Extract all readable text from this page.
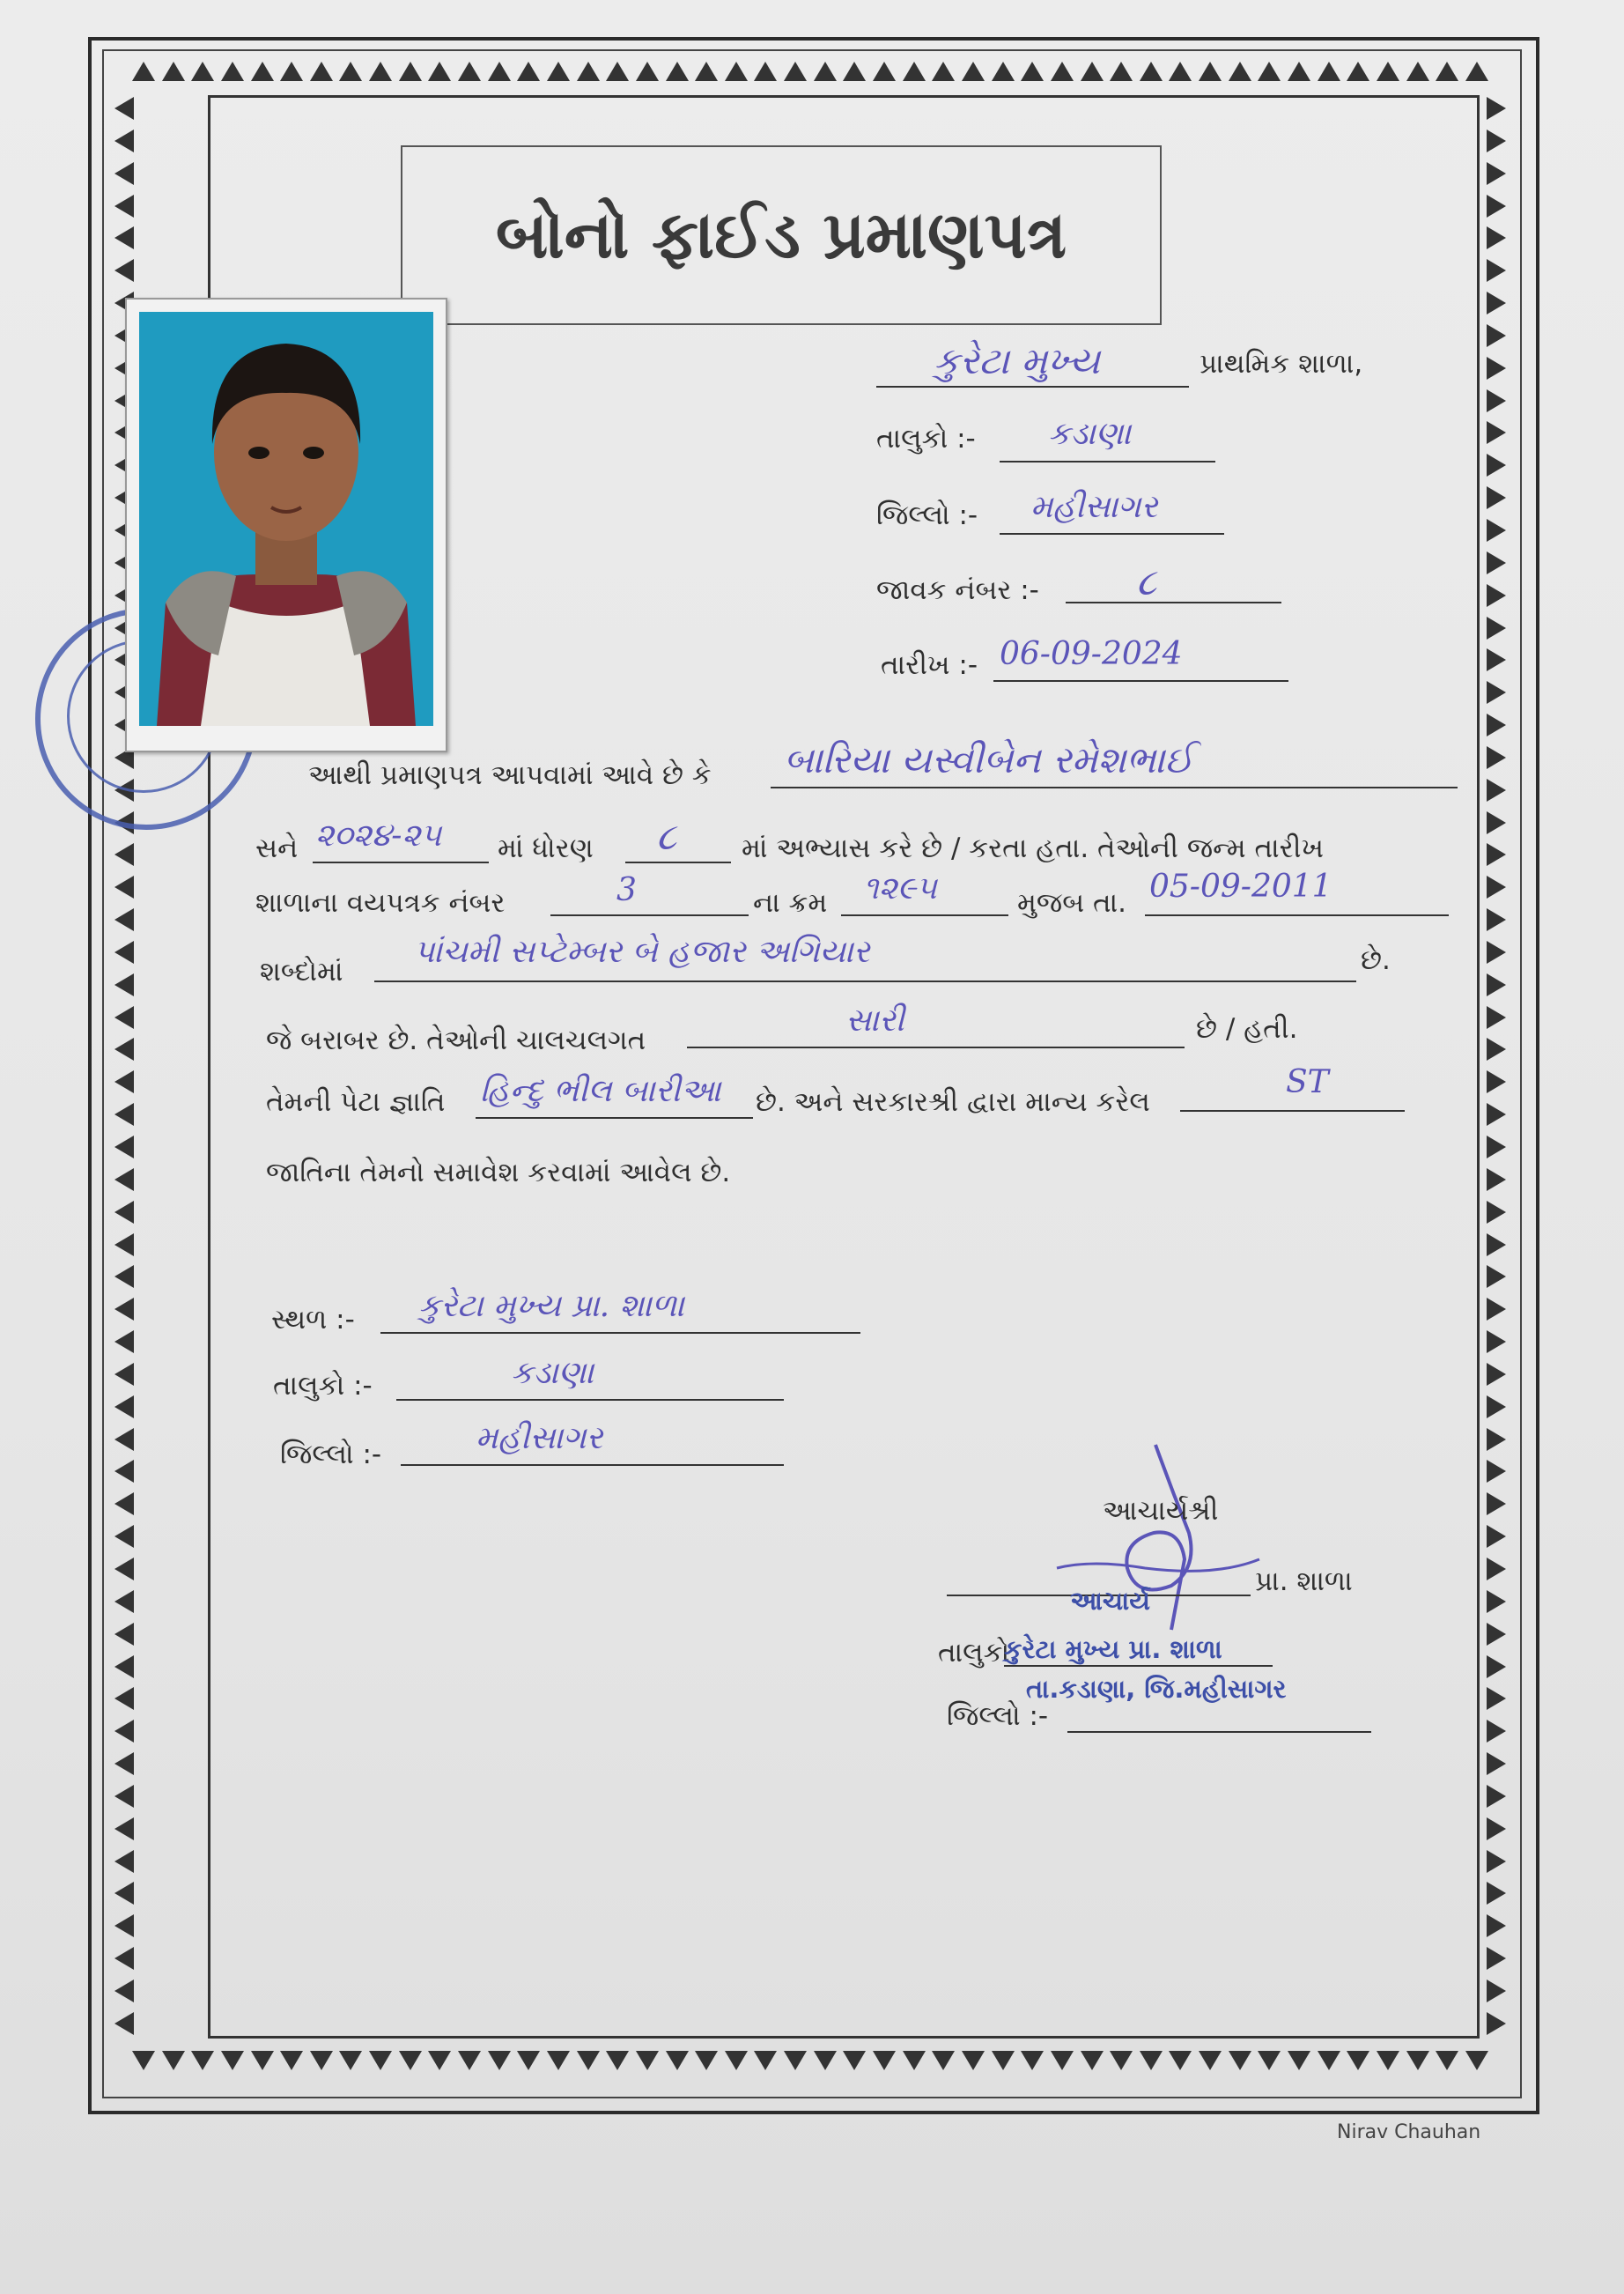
બોનો ફાઈડ પ્રમાણપત્ર
કુરેટા મુખ્ય	પ્રાથમિક શાળા,
તાલુકો :- કડાણા
જિલ્લો :- મહીસાગર
જાવક નંબર :-	૮
તારીખ :- 06-09-2024
આથી પ્રમાણપત્ર આપવામાં આવે છે કે બારિયા યસ્વીબેન રમેશભાઈ
સને ૨૦૨૪-૨૫ માં ધોરણ ૮ માં અભ્યાસ કરે છે / કરતા હતા. તેઓની જન્મ તારીખ
શાળાના વયપત્રક નંબર	3	ના ક્રમ ૧૨૯૫	મુજબ તા. 05-09-2011
શબ્દોમાં
પાંચમી સપ્ટેમ્બર બે હજાર અગિયાર	છે.
જે બરાબર છે. તેઓની ચાલચલગત
સારી	છે / હતી.
તેમની પેટા જ્ઞાતિ હિન્દુ ભીલ બારીઆ છે. અને સરકારશ્રી દ્વારા માન્ય કરેલ
ST
જાતિના તેમનો સમાવેશ કરવામાં આવેલ છે.
સ્થળ :- કુરેટા મુખ્ય પ્રા. શાળા
તાલુકો :-	કડાણા
જિલ્લો :-	મહીસાગર
આચાર્યશ્રી
પ્રા. શાળા
આચાર્ય
તાલુકો
કુરેટા મુખ્ય પ્રા. શાળા
તા.કડાણા, જિ.મહીસાગર
જિલ્લો :-
Nirav Chauhan
